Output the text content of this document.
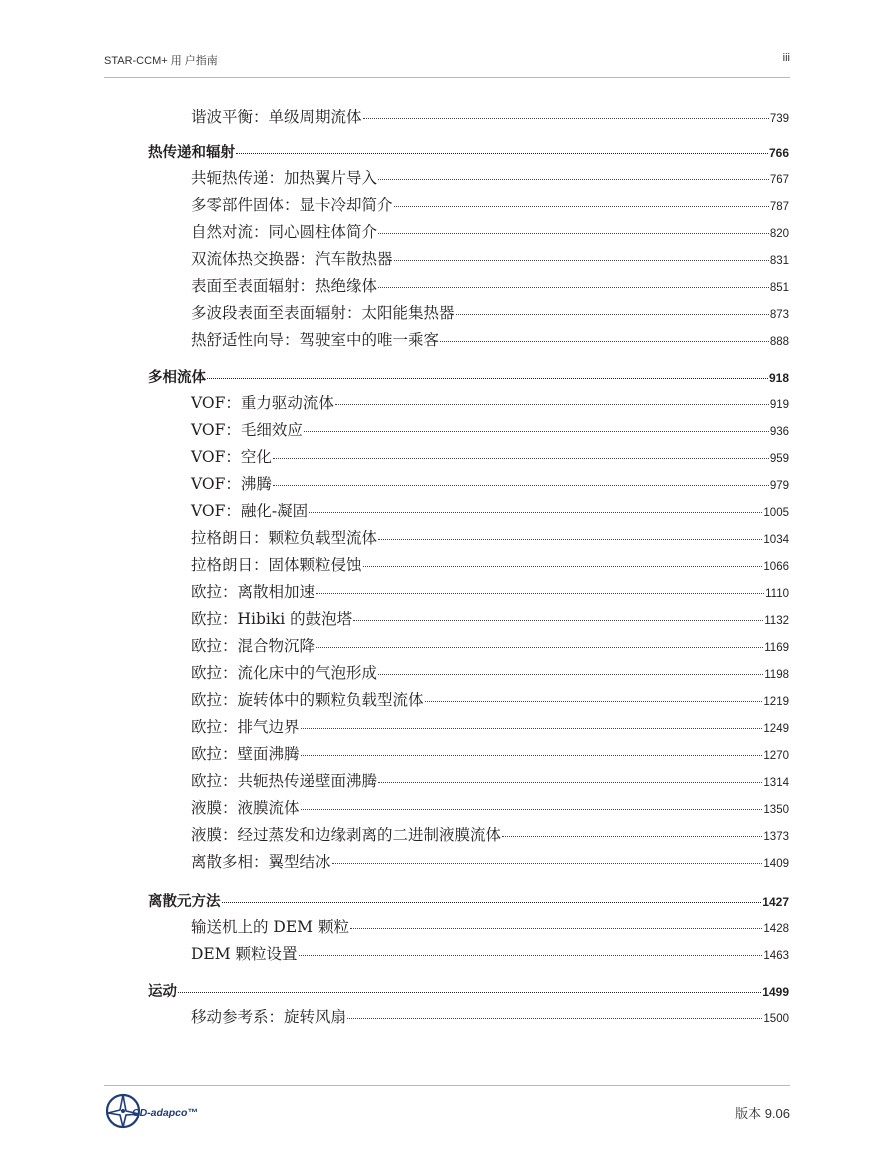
STAR-CCM+ 用 户指南	iii
谐波平衡：单级周期流体	739
热传递和辐射	766
共轭热传递：加热翼片导入	767
多零部件固体：显卡冷却简介	787
自然对流：同心圆柱体简介	820
双流体热交换器：汽车散热器	831
表面至表面辐射：热绝缘体	851
多波段表面至表面辐射：太阳能集热器	873
热舒适性向导：驾驶室中的唯一乘客	888
多相流体	918
VOF：重力驱动流体	919
VOF：毛细效应	936
VOF：空化	959
VOF：沸腾	979
VOF：融化-凝固	1005
拉格朗日：颗粒负载型流体	1034
拉格朗日：固体颗粒侵蚀	1066
欧拉：离散相加速	1110
欧拉：Hibiki 的鼓泡塔	1132
欧拉：混合物沉降	1169
欧拉：流化床中的气泡形成	1198
欧拉：旋转体中的颗粒负载型流体	1219
欧拉：排气边界	1249
欧拉：壁面沸腾	1270
欧拉：共轭热传递壁面沸腾	1314
液膜：液膜流体	1350
液膜：经过蒸发和边缘剥离的二进制液膜流体	1373
离散多相：翼型结冰	1409
离散元方法	1427
输送机上的 DEM 颗粒	1428
DEM 颗粒设置	1463
运动	1499
移动参考系：旋转风扇	1500
CD-adapco™	版本 9.06
